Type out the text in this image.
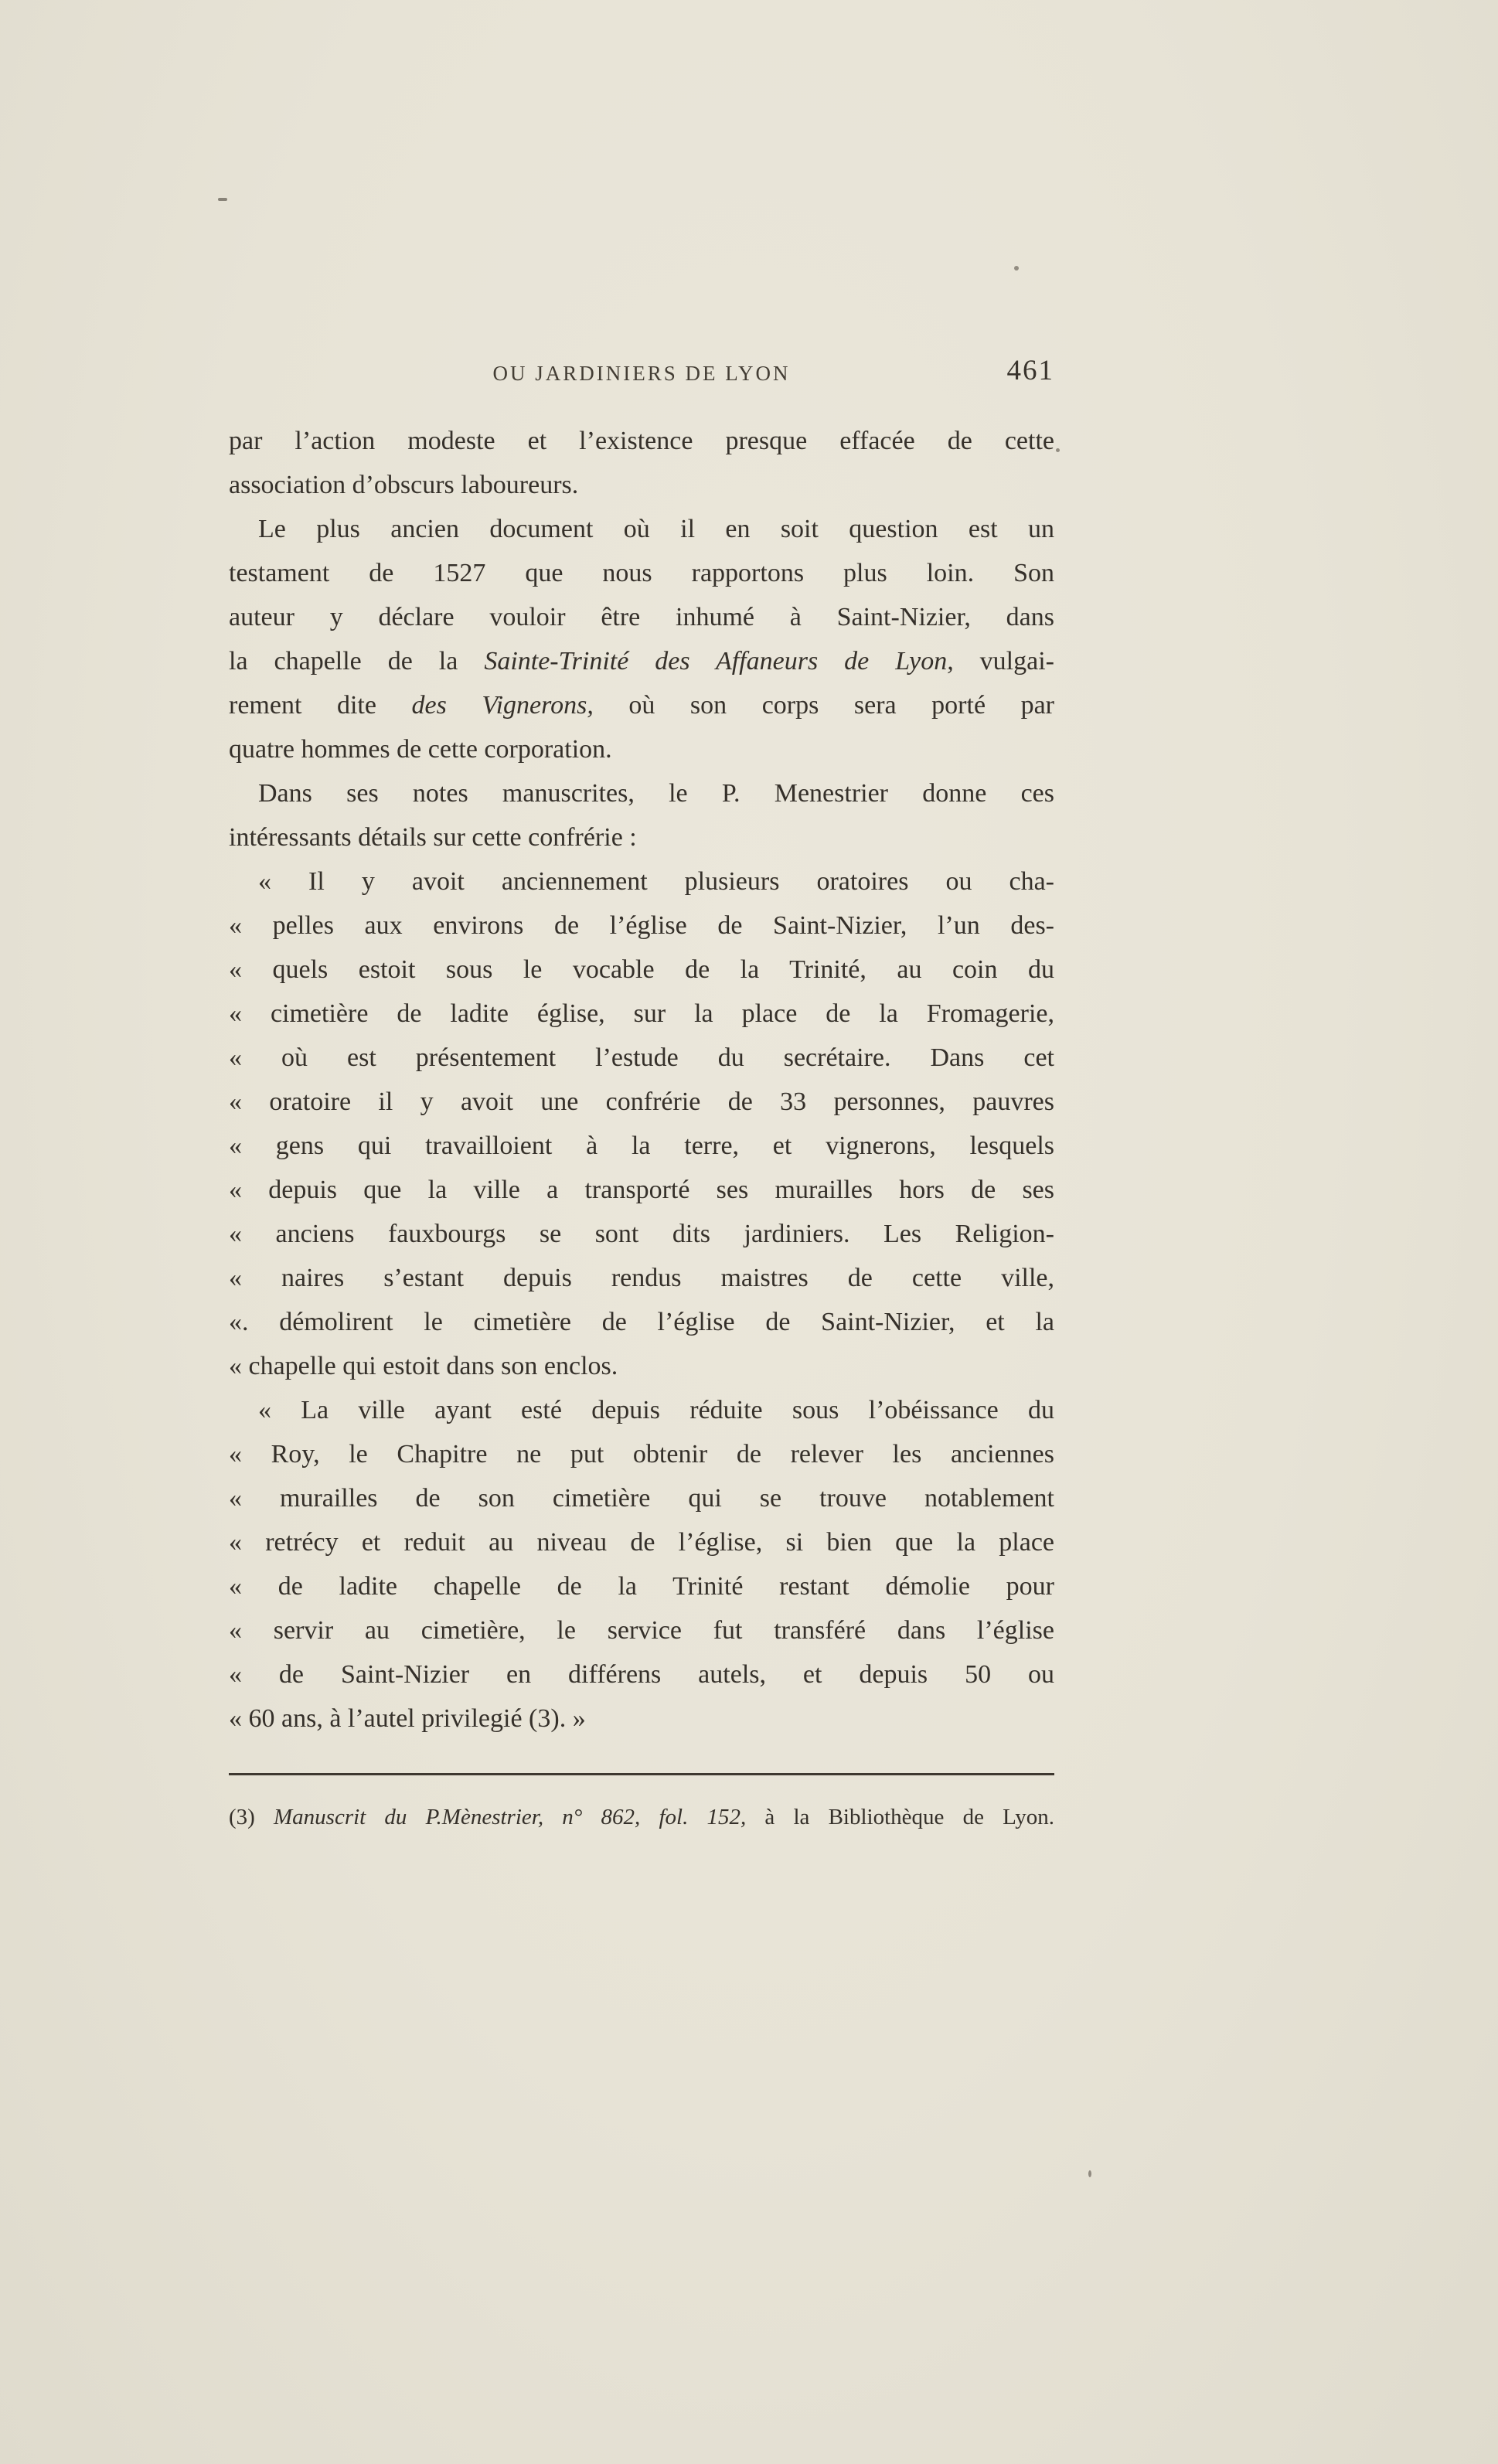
OU JARDINIERS DE LYON	461
par l’action modeste et l’existence presque effacée de cette
association d’obscurs laboureurs.
Le plus ancien document où il en soit question est un
testament de 1527 que nous rapportons plus loin. Son
auteur y déclare vouloir être inhumé à Saint-Nizier, dans
la chapelle de la Sainte-Trinité des Affaneurs de Lyon, vulgai-
rement dite des Vignerons, où son corps sera porté par
quatre hommes de cette corporation.
Dans ses notes manuscrites, le P. Menestrier donne ces
intéressants détails sur cette confrérie :
« Il y avoit anciennement plusieurs oratoires ou cha-
« pelles aux environs de l’église de Saint-Nizier, l’un des-
« quels estoit sous le vocable de la Trinité, au coin du
« cimetière de ladite église, sur la place de la Fromagerie,
« où est présentement l’estude du secrétaire. Dans cet
« oratoire il y avoit une confrérie de 33 personnes, pauvres
« gens qui travailloient à la terre, et vignerons, lesquels
« depuis que la ville a transporté ses murailles hors de ses
« anciens fauxbourgs se sont dits jardiniers. Les Religion-
« naires s’estant depuis rendus maistres de cette ville,
«. démolirent le cimetière de l’église de Saint-Nizier, et la
« chapelle qui estoit dans son enclos.
« La ville ayant esté depuis réduite sous l’obéissance du
« Roy, le Chapitre ne put obtenir de relever les anciennes
« murailles de son cimetière qui se trouve notablement
« retrécy et reduit au niveau de l’église, si bien que la place
« de ladite chapelle de la Trinité restant démolie pour
« servir au cimetière, le service fut transféré dans l’église
« de Saint-Nizier en différens autels, et depuis 50 ou
« 60 ans, à l’autel privilegié (3). »
(3) Manuscrit du P.Mènestrier, n° 862, fol. 152, à la Bibliothèque de Lyon.
